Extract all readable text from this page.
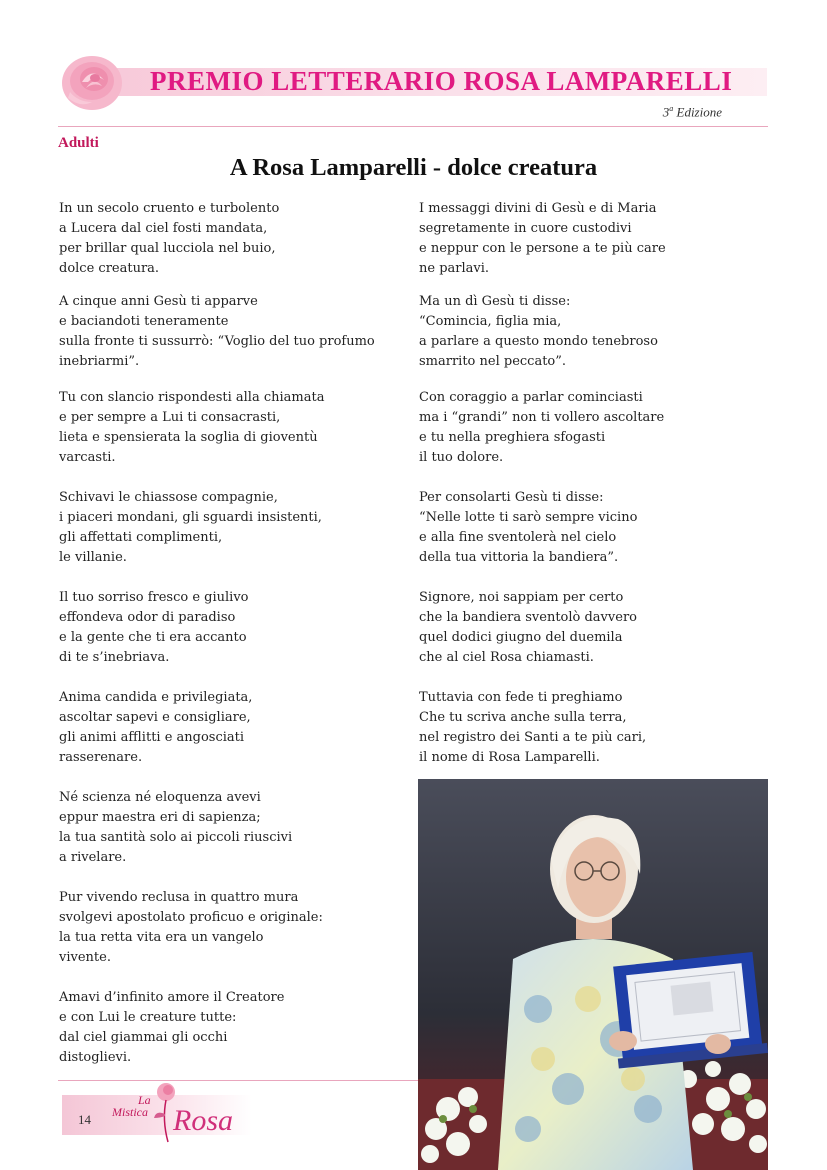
PREMIO LETTERARIO ROSA LAMPARELLI
3$^a$ Edizione
Adulti
A Rosa Lamparelli - dolce creatura
In un secolo cruento e turbolento
a Lucera dal ciel fosti mandata,
per brillar qual lucciola nel buio,
dolce creatura.
A cinque anni Gesù ti apparve
e baciandoti teneramente
sulla fronte ti sussurrò: “Voglio del tuo profumo
inebriarmi”.
Tu con slancio rispondesti alla chiamata
e per sempre a Lui ti consacrasti,
lieta e spensierata la soglia di gioventù
varcasti.
Schivavi le chiassose compagnie,
i piaceri mondani, gli sguardi insistenti,
gli affettati complimenti,
le villanie.
Il tuo sorriso fresco e giulivo
effondeva odor di paradiso
e la gente che ti era accanto
di te s’inebriava.
Anima candida e privilegiata,
ascoltar sapevi e consigliare,
gli animi afflitti e angosciati
rasserenare.
Né scienza né eloquenza avevi
eppur maestra eri di sapienza;
la tua santità solo ai piccoli riuscivi
a rivelare.
Pur vivendo reclusa in quattro mura
svolgevi apostolato proficuo e originale:
la tua retta vita era un vangelo
vivente.
Amavi d’infinito amore il Creatore
e con Lui le creature tutte:
dal ciel giammai gli occhi
distoglievi.
I messaggi divini di Gesù e di Maria
segretamente in cuore custodivi
e neppur con le persone a te più care
ne parlavi.
Ma un dì Gesù ti disse:
“Comincia, figlia mia,
a parlare a questo mondo tenebroso
smarrito nel peccato”.
Con coraggio a parlar cominciasti
ma i “grandi” non ti vollero ascoltare
e tu nella preghiera sfogasti
il tuo dolore.
Per consolarti Gesù ti disse:
“Nelle lotte ti sarò sempre vicino
e alla fine sventolerà nel cielo
della tua vittoria la bandiera”.
Signore, noi sappiam per certo
che la bandiera sventolò davvero
quel dodici giugno del duemila
che al ciel Rosa chiamasti.
Tuttavia con fede ti preghiamo
Che tu scriva anche sulla terra,
nel registro dei Santi a te più cari,
il nome di Rosa Lamparelli.
14
La
Mistica Rosa
